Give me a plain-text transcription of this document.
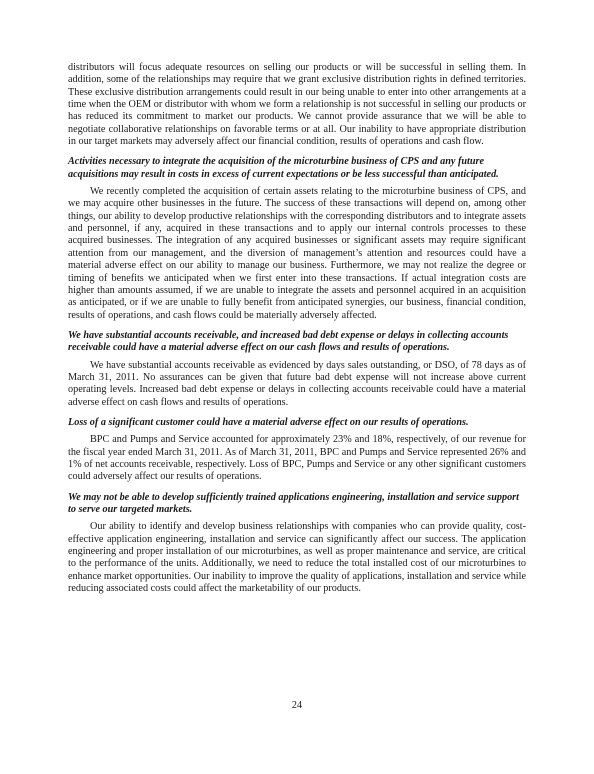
distributors will focus adequate resources on selling our products or will be successful in selling them. In addition, some of the relationships may require that we grant exclusive distribution rights in defined territories. These exclusive distribution arrangements could result in our being unable to enter into other arrangements at a time when the OEM or distributor with whom we form a relationship is not successful in selling our products or has reduced its commitment to market our products. We cannot provide assurance that we will be able to negotiate collaborative relationships on favorable terms or at all. Our inability to have appropriate distribution in our target markets may adversely affect our financial condition, results of operations and cash flow.

Activities necessary to integrate the acquisition of the microturbine business of CPS and any future acquisitions may result in costs in excess of current expectations or be less successful than anticipated.

We recently completed the acquisition of certain assets relating to the microturbine business of CPS, and we may acquire other businesses in the future. The success of these transactions will depend on, among other things, our ability to develop productive relationships with the corresponding distributors and to integrate assets and personnel, if any, acquired in these transactions and to apply our internal controls processes to these acquired businesses. The integration of any acquired businesses or significant assets may require significant attention from our management, and the diversion of management’s attention and resources could have a material adverse effect on our ability to manage our business. Furthermore, we may not realize the degree or timing of benefits we anticipated when we first enter into these transactions. If actual integration costs are higher than amounts assumed, if we are unable to integrate the assets and personnel acquired in an acquisition as anticipated, or if we are unable to fully benefit from anticipated synergies, our business, financial condition, results of operations, and cash flows could be materially adversely affected.

We have substantial accounts receivable, and increased bad debt expense or delays in collecting accounts receivable could have a material adverse effect on our cash flows and results of operations.

We have substantial accounts receivable as evidenced by days sales outstanding, or DSO, of 78 days as of March 31, 2011. No assurances can be given that future bad debt expense will not increase above current operating levels. Increased bad debt expense or delays in collecting accounts receivable could have a material adverse effect on cash flows and results of operations.

Loss of a significant customer could have a material adverse effect on our results of operations.

BPC and Pumps and Service accounted for approximately 23% and 18%, respectively, of our revenue for the fiscal year ended March 31, 2011. As of March 31, 2011, BPC and Pumps and Service represented 26% and 1% of net accounts receivable, respectively. Loss of BPC, Pumps and Service or any other significant customers could adversely affect our results of operations.

We may not be able to develop sufficiently trained applications engineering, installation and service support to serve our targeted markets.

Our ability to identify and develop business relationships with companies who can provide quality, cost-effective application engineering, installation and service can significantly affect our success. The application engineering and proper installation of our microturbines, as well as proper maintenance and service, are critical to the performance of the units. Additionally, we need to reduce the total installed cost of our microturbines to enhance market opportunities. Our inability to improve the quality of applications, installation and service while reducing associated costs could affect the marketability of our products.

24
